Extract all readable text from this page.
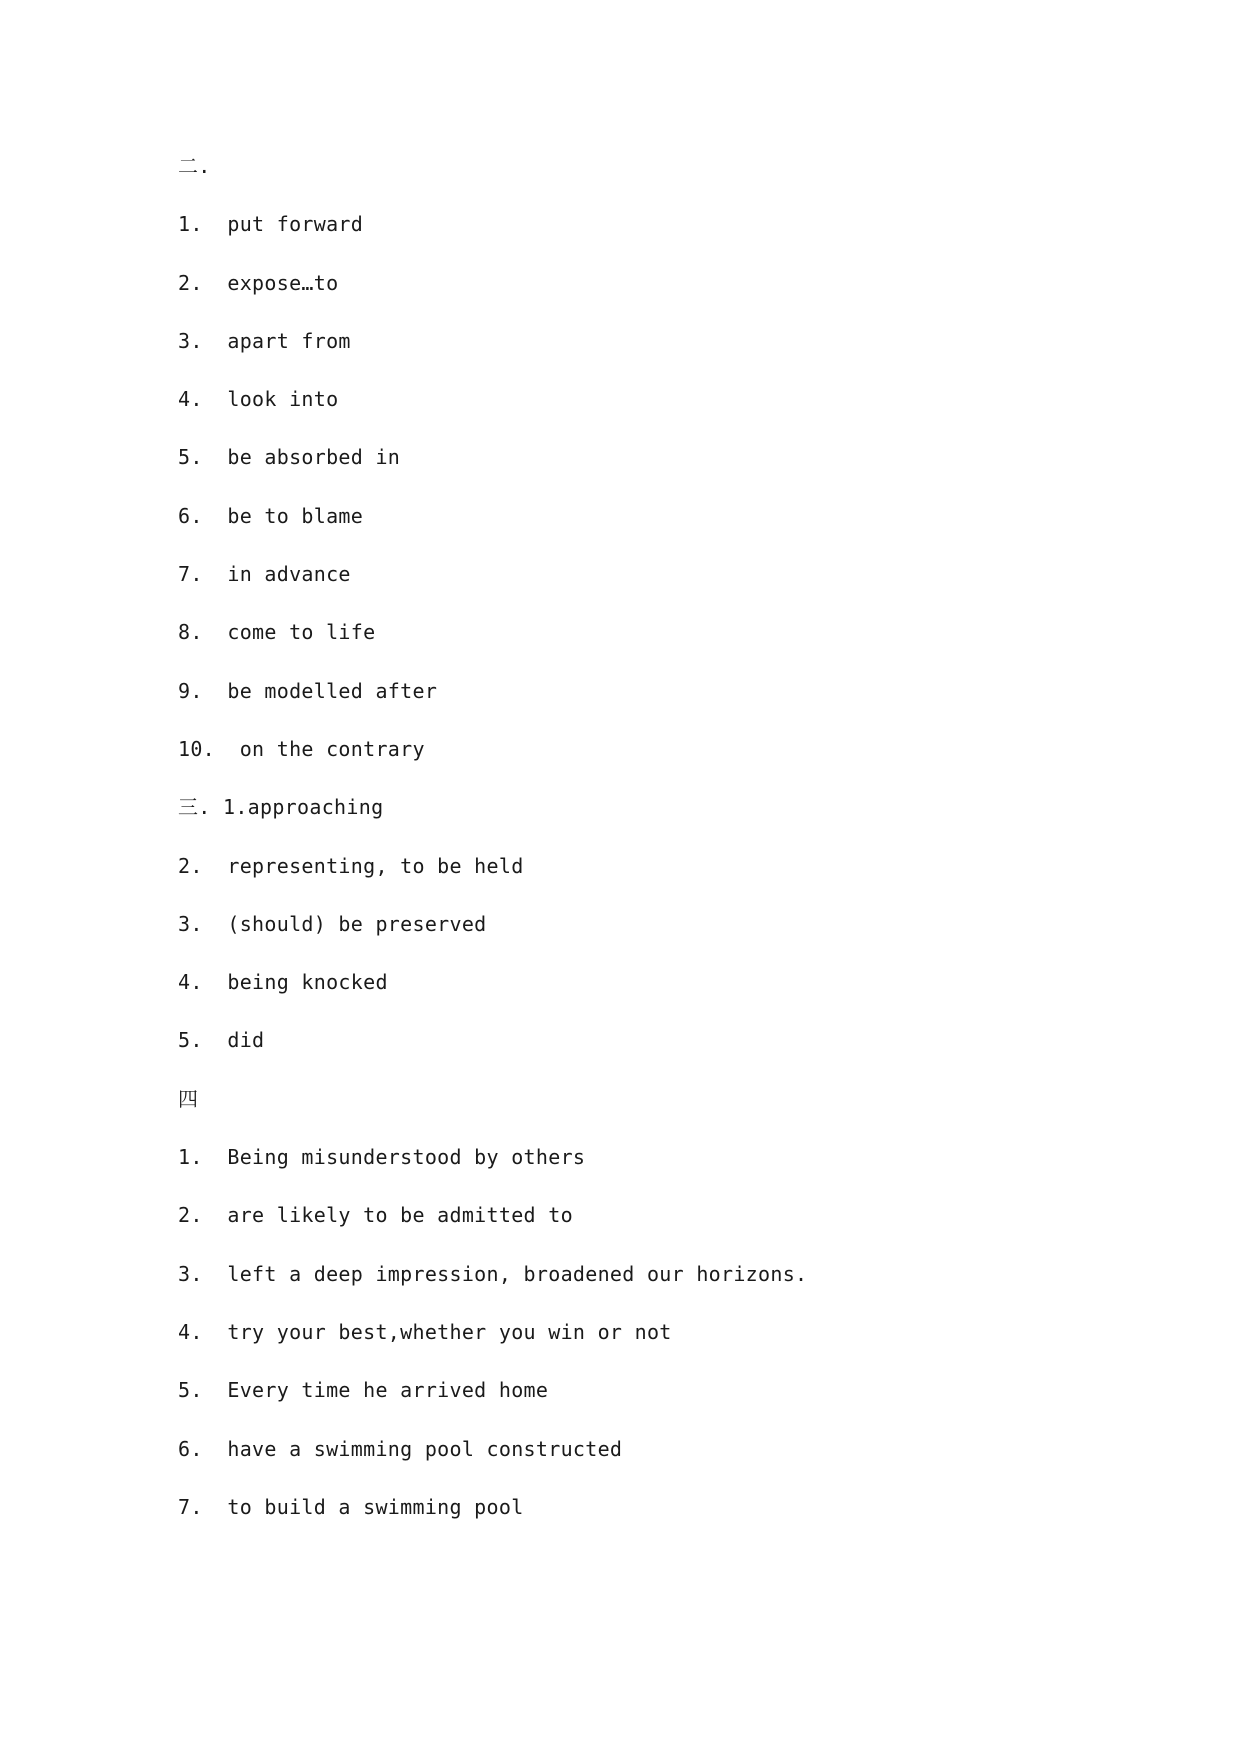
二.
1.  put forward
2.  expose…to
3.  apart from
4.  look into
5.  be absorbed in
6.  be to blame
7.  in advance
8.  come to life
9.  be modelled after
10.  on the contrary
三. 1.approaching
2.  representing, to be held
3.  (should) be preserved
4.  being knocked
5.  did
四
1.  Being misunderstood by others
2.  are likely to be admitted to
3.  left a deep impression, broadened our horizons.
4.  try your best,whether you win or not
5.  Every time he arrived home
6.  have a swimming pool constructed
7.  to build a swimming pool
